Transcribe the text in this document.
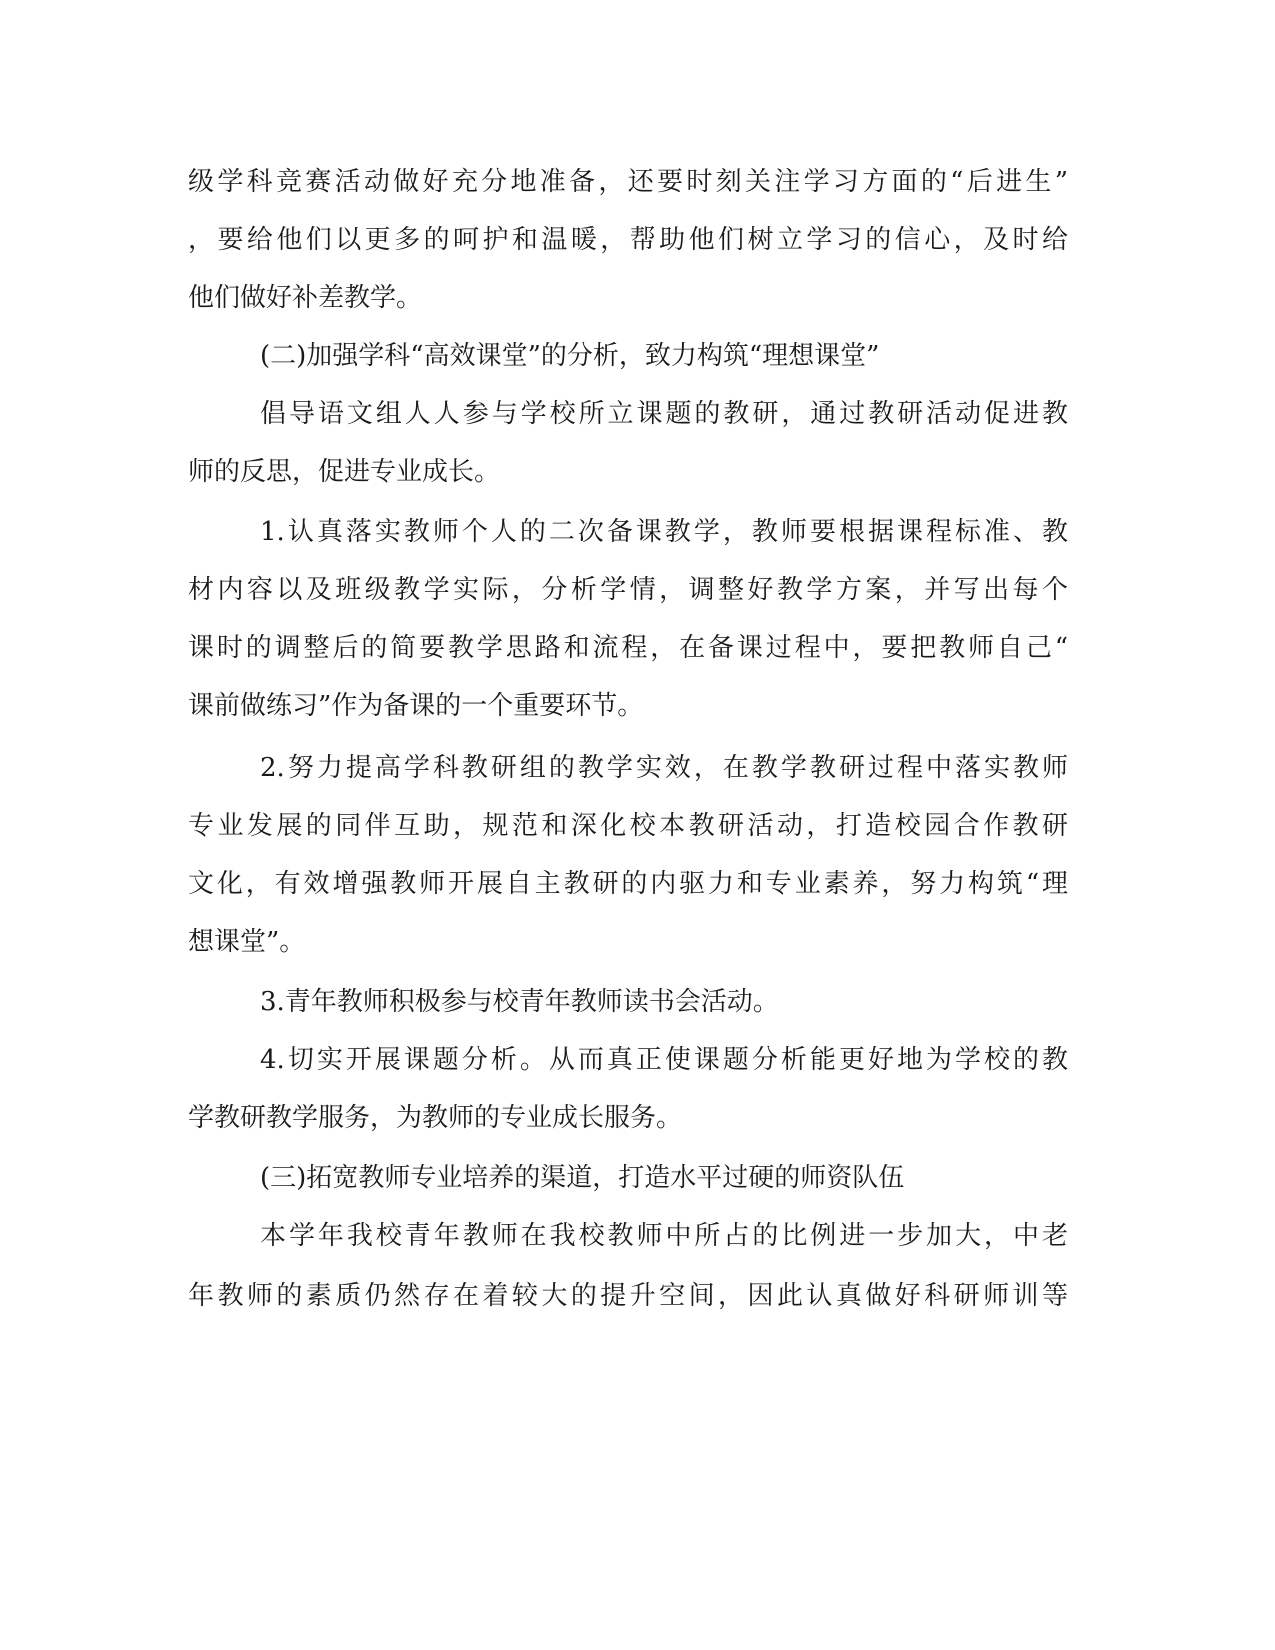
级学科竞赛活动做好充分地准备，还要时刻关注学习方面的“后进生”
，要给他们以更多的呵护和温暖，帮助他们树立学习的信心，及时给
他们做好补差教学。
(二)加强学科“高效课堂”的分析，致力构筑“理想课堂”
倡导语文组人人参与学校所立课题的教研，通过教研活动促进教
师的反思，促进专业成长。
1.认真落实教师个人的二次备课教学，教师要根据课程标准、教
材内容以及班级教学实际，分析学情，调整好教学方案，并写出每个
课时的调整后的简要教学思路和流程，在备课过程中，要把教师自己“
课前做练习”作为备课的一个重要环节。
2.努力提高学科教研组的教学实效，在教学教研过程中落实教师
专业发展的同伴互助，规范和深化校本教研活动，打造校园合作教研
文化，有效增强教师开展自主教研的内驱力和专业素养，努力构筑“理
想课堂”。
3.青年教师积极参与校青年教师读书会活动。
4.切实开展课题分析。从而真正使课题分析能更好地为学校的教
学教研教学服务，为教师的专业成长服务。
(三)拓宽教师专业培养的渠道，打造水平过硬的师资队伍
本学年我校青年教师在我校教师中所占的比例进一步加大，中老
年教师的素质仍然存在着较大的提升空间，因此认真做好科研师训等
